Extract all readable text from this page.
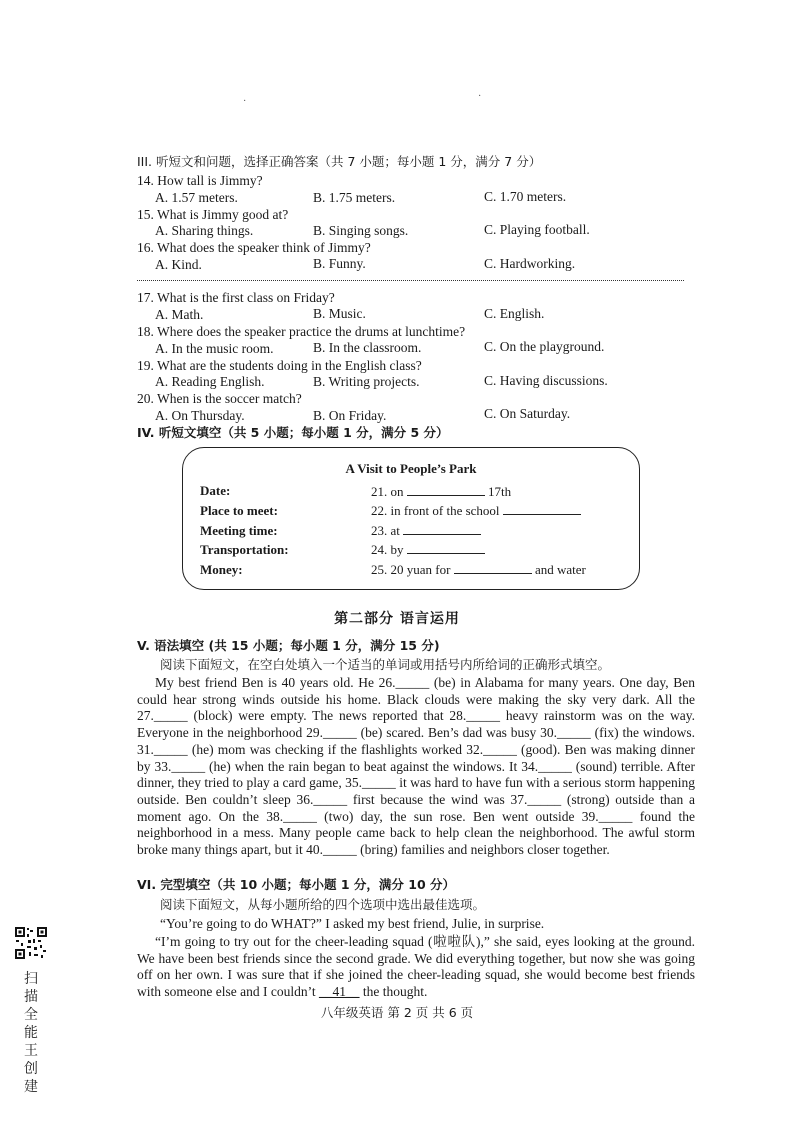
·	·
III. 听短文和问题，选择正确答案（共 7 小题；每小题 1 分，满分 7 分）
14. How tall is Jimmy?
A. 1.57 meters.	B. 1.75 meters.	C. 1.70 meters.
15. What is Jimmy good at?
A. Sharing things.	B. Singing songs.	C. Playing football.
16. What does the speaker think of Jimmy?
A. Kind.	B. Funny.	C. Hardworking.
17. What is the first class on Friday?
A. Math.	B. Music.	C. English.
18. Where does the speaker practice the drums at lunchtime?
A. In the music room.	B. In the classroom.	C. On the playground.
19. What are the students doing in the English class?
A. Reading English.	B. Writing projects.	C. Having discussions.
20. When is the soccer match?
A. On Thursday.	B. On Friday.	C. On Saturday.
IV. 听短文填空（共 5 小题；每小题 1 分，满分 5 分）
A Visit to People’s Park
Date:	21. on	17th
Place to meet:	22. in front of the school
Meeting time:	23. at
Transportation:	24. by
Money:	25. 20 yuan for	and water
第二部分 语言运用
V. 语法填空 (共 15 小题；每小题 1 分，满分 15 分)
阅读下面短文，在空白处填入一个适当的单词或用括号内所给词的正确形式填空。
My best friend Ben is 40 years old. He 26._____ (be) in Alabama for many years. One day, Ben could hear strong winds outside his home. Black clouds were making the sky very dark. All the 27._____ (block) were empty. The news reported that 28._____ heavy rainstorm was on the way. Everyone in the neighborhood 29._____ (be) scared. Ben’s dad was busy 30._____ (fix) the windows. 31._____ (he) mom was checking if the flashlights worked 32._____ (good). Ben was making dinner by 33._____ (he) when the rain began to beat against the windows. It 34._____ (sound) terrible. After dinner, they tried to play a card game, 35._____ it was hard to have fun with a serious storm happening outside. Ben couldn’t sleep 36._____ first because the wind was 37._____ (strong) outside than a moment ago. On the 38._____ (two) day, the sun rose. Ben went outside 39._____ found the neighborhood in a mess. Many people came back to help clean the neighborhood. The awful storm broke many things apart, but it 40._____ (bring) families and neighbors closer together.
VI. 完型填空（共 10 小题；每小题 1 分，满分 10 分）
阅读下面短文，从每小题所给的四个选项中选出最佳选项。
“You’re going to do WHAT?” I asked my best friend, Julie, in surprise.
“I’m going to try out for the cheer-leading squad (啦啦队),” she said, eyes looking at the ground. We have been best friends since the second grade. We did everything together, but now she was going off on her own. I was sure that if she joined the cheer-leading squad, she would become best friends with someone else and I couldn’t __41__ the thought.
八年级英语 第 2 页 共 6 页
扫描全能王 创建
